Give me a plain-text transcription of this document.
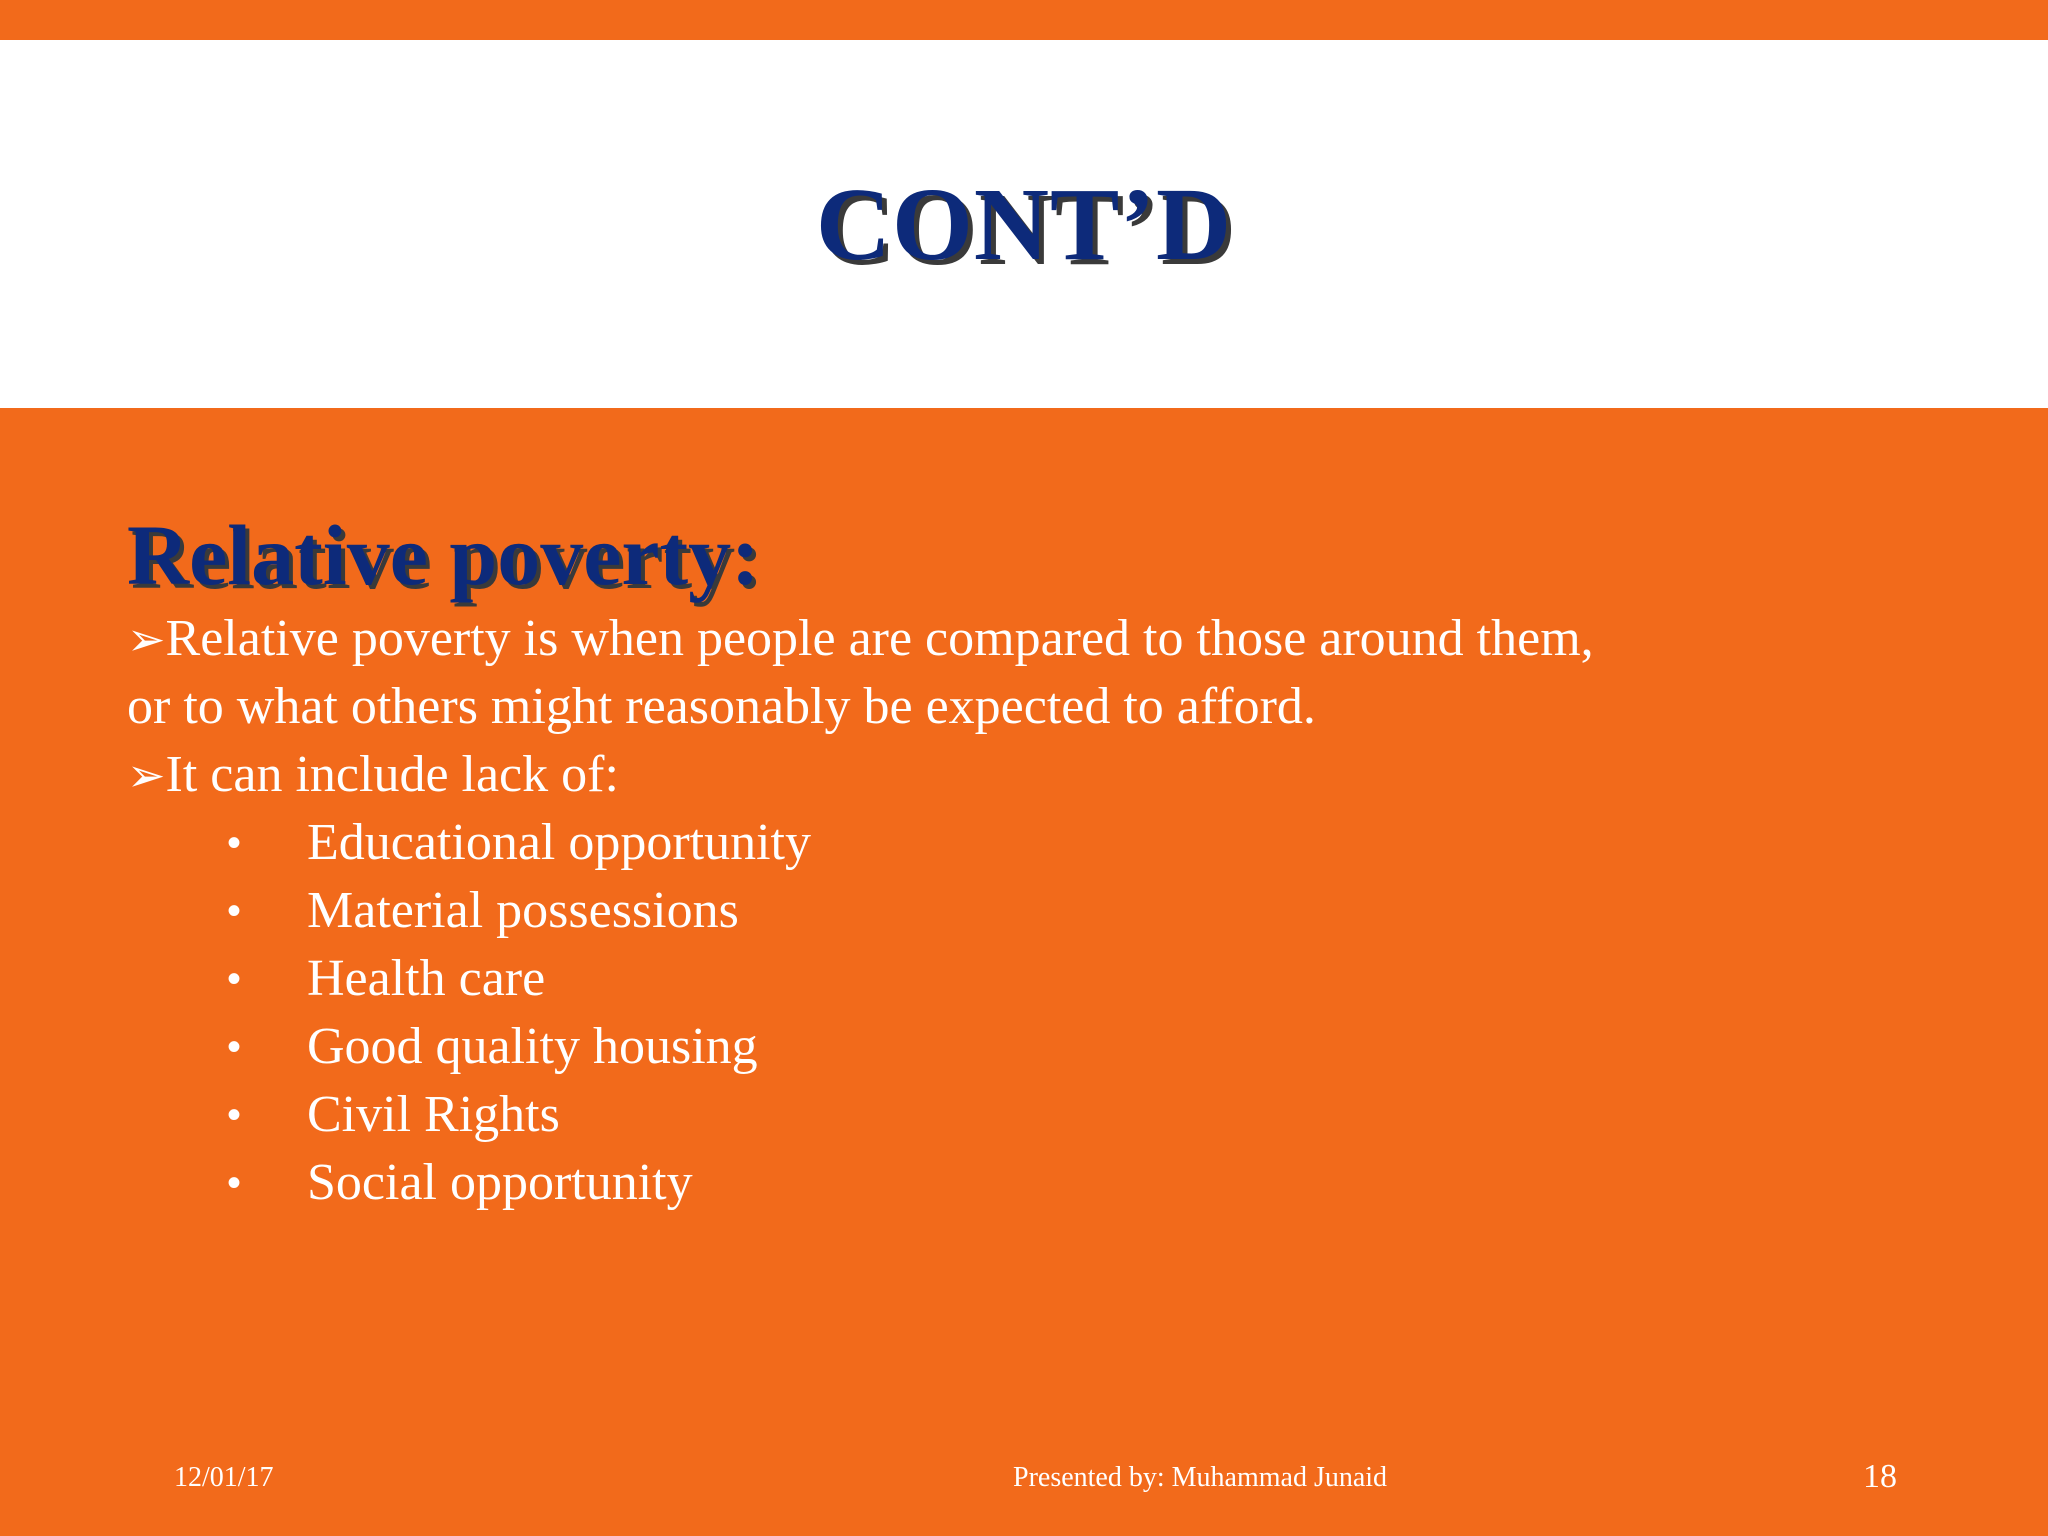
CONT’D
Relative poverty:

➢Relative poverty is when people are compared to those around them,

or to what others might reasonably be expected to afford.

➢It can include lack of:

• Educational opportunity
• Material possessions
• Health care
• Good quality housing
• Civil Rights
• Social opportunity
12/01/17	Presented by: Muhammad Junaid	18
